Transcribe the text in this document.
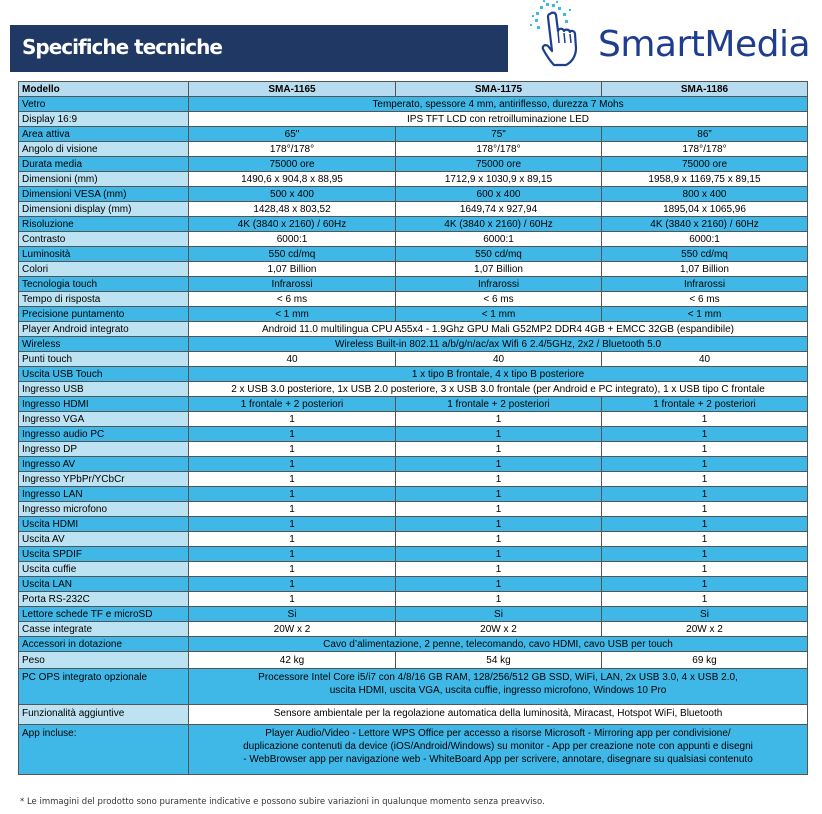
Specifiche tecniche	SmartMedia
Modello	SMA-1165	SMA-1175	SMA-1186
Vetro	Temperato, spessore 4 mm, antiriflesso, durezza 7 Mohs		
Display 16:9	IPS TFT LCD con retroilluminazione LED		
Area attiva	65"	75"	86”
Angolo di visione	178°/178°	178°/178°	178°/178°
Durata media	75000 ore	75000 ore	75000 ore
Dimensioni (mm)	1490,6 x 904,8 x 88,95	1712,9 x 1030,9 x 89,15	1958,9 x 1169,75 x 89,15
Dimensioni VESA (mm)	500 x 400	600 x 400	800 x 400
Dimensioni display (mm)	1428,48 x 803,52	1649,74 x 927,94	1895,04 x 1065,96
Risoluzione	4K (3840 x 2160) / 60Hz	4K (3840 x 2160) / 60Hz	4K (3840 x 2160) / 60Hz
Contrasto	6000:1	6000:1	6000:1
Luminosità	550 cd/mq	550 cd/mq	550 cd/mq
Colori	1,07 Billion	1,07 Billion	1,07 Billion
Tecnologia touch	Infrarossi	Infrarossi	Infrarossi
Tempo di risposta	< 6 ms	< 6 ms	< 6 ms
Precisione puntamento	< 1 mm	< 1 mm	< 1 mm
Player Android integrato	Android 11.0 multilingua CPU A55x4 - 1.9Ghz GPU Mali G52MP2 DDR4 4GB + EMCC 32GB (espandibile)		
Wireless	Wireless Built-in 802.11 a/b/g/n/ac/ax Wifi 6 2.4/5GHz, 2x2 / Bluetooth 5.0		
Punti touch	40	40	40
Uscita USB Touch	1 x tipo B frontale, 4 x tipo B posteriore		
Ingresso USB	2 x USB 3.0 posteriore, 1x USB 2.0 posteriore, 3 x USB 3.0 frontale (per Android e PC integrato), 1 x USB tipo C frontale		
Ingresso HDMI	1 frontale + 2 posteriori	1 frontale + 2 posteriori	1 frontale + 2 posteriori
Ingresso VGA	1	1	1
Ingresso audio PC	1	1	1
Ingresso DP	1	1	1
Ingresso AV	1	1	1
Ingresso YPbPr/YCbCr	1	1	1
Ingresso LAN	1	1	1
Ingresso microfono	1	1	1
Uscita HDMI	1	1	1
Uscita AV	1	1	1
Uscita SPDIF	1	1	1
Uscita cuffie	1	1	1
Uscita LAN	1	1	1
Porta RS-232C	1	1	1
Lettore schede TF e microSD	Si	Si	Si
Casse integrate	20W x 2	20W x 2	20W x 2
Accessori in dotazione	Cavo d’alimentazione, 2 penne, telecomando, cavo HDMI, cavo USB per touch		
Peso	42 kg	54 kg	69 kg
PC OPS integrato opzionale	Processore Intel Core i5/i7 con 4/8/16 GB RAM, 128/256/512 GB SSD, WiFi, LAN, 2x USB 3.0, 4 x USB 2.0,
uscita HDMI, uscita VGA, uscita cuffie, ingresso microfono, Windows 10 Pro		

Funzionalità aggiuntive	Sensore ambientale per la regolazione automatica della luminosità, Miracast, Hotspot WiFi, Bluetooth		
App incluse:	Player Audio/Video - Lettore WPS Office per accesso a risorse Microsoft - Mirroring app per condivisione/
duplicazione contenuti da device (iOS/Android/Windows) su monitor - App per creazione note con appunti e disegni
- WebBrowser app per navigazione web - WhiteBoard App per scrivere, annotare, disegnare su qualsiasi contenuto		
* Le immagini del prodotto sono puramente indicative e possono subire variazioni in qualunque momento senza preavviso.
